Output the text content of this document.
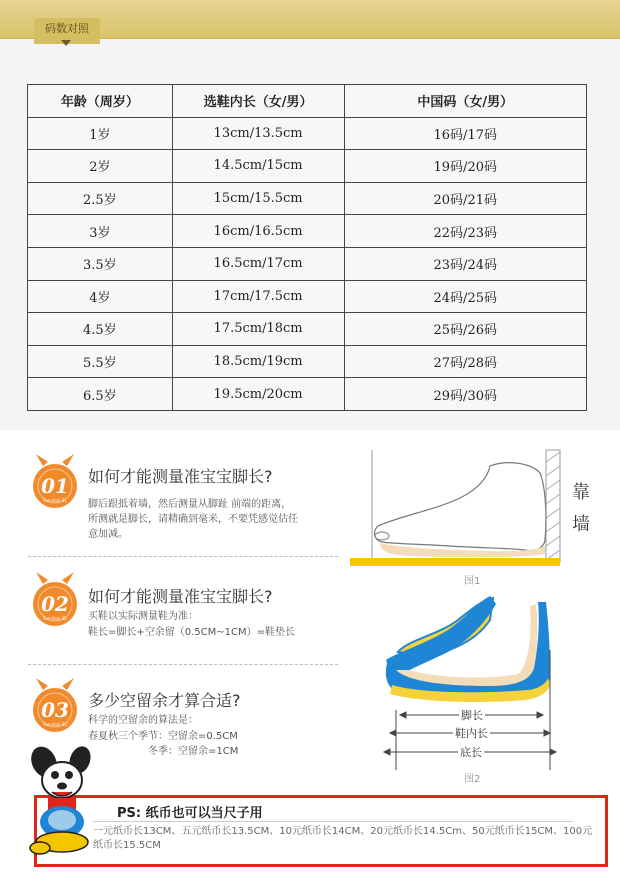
码数对照
年龄（周岁）	选鞋内长（女/男）	中国码（女/男）
1岁	13cm/13.5cm	16码/17码
2岁	14.5cm/15cm	19码/20码
2.5岁	15cm/15.5cm	20码/21码
3岁	16cm/16.5cm	22码/23码
3.5岁	16.5cm/17cm	23码/24码
4岁	17cm/17.5cm	24码/25码
4.5岁	17.5cm/18cm	25码/26码
5.5岁	18.5cm/19cm	27码/28码
6.5岁	19.5cm/20cm	29码/30码
01
Function 01
如何才能测量准宝宝脚长?
脚后跟抵着墙，然后测量从脚趾 前端的距离，
所测就是脚长，请精确到毫米，不要凭感觉估任
意加减。
02
Function 02
如何才能测量准宝宝脚长?
买鞋以实际测量鞋为准：
鞋长=脚长+空余留（0.5CM~1CM）=鞋垫长
03
Function 03
多少空留余才算合适?
科学的空留余的算法是：
春夏秋三个季节：空留余=0.5CM
冬季：空留余=1CM
靠
墙
图1
脚长
鞋内长
底长
图2
PS: 纸币也可以当尺子用
一元纸币长13CM、五元纸币长13.5CM、10元纸币长14CM、20元纸币长14.5Cm、50元纸币长15CM、100元纸币长15.5CM
